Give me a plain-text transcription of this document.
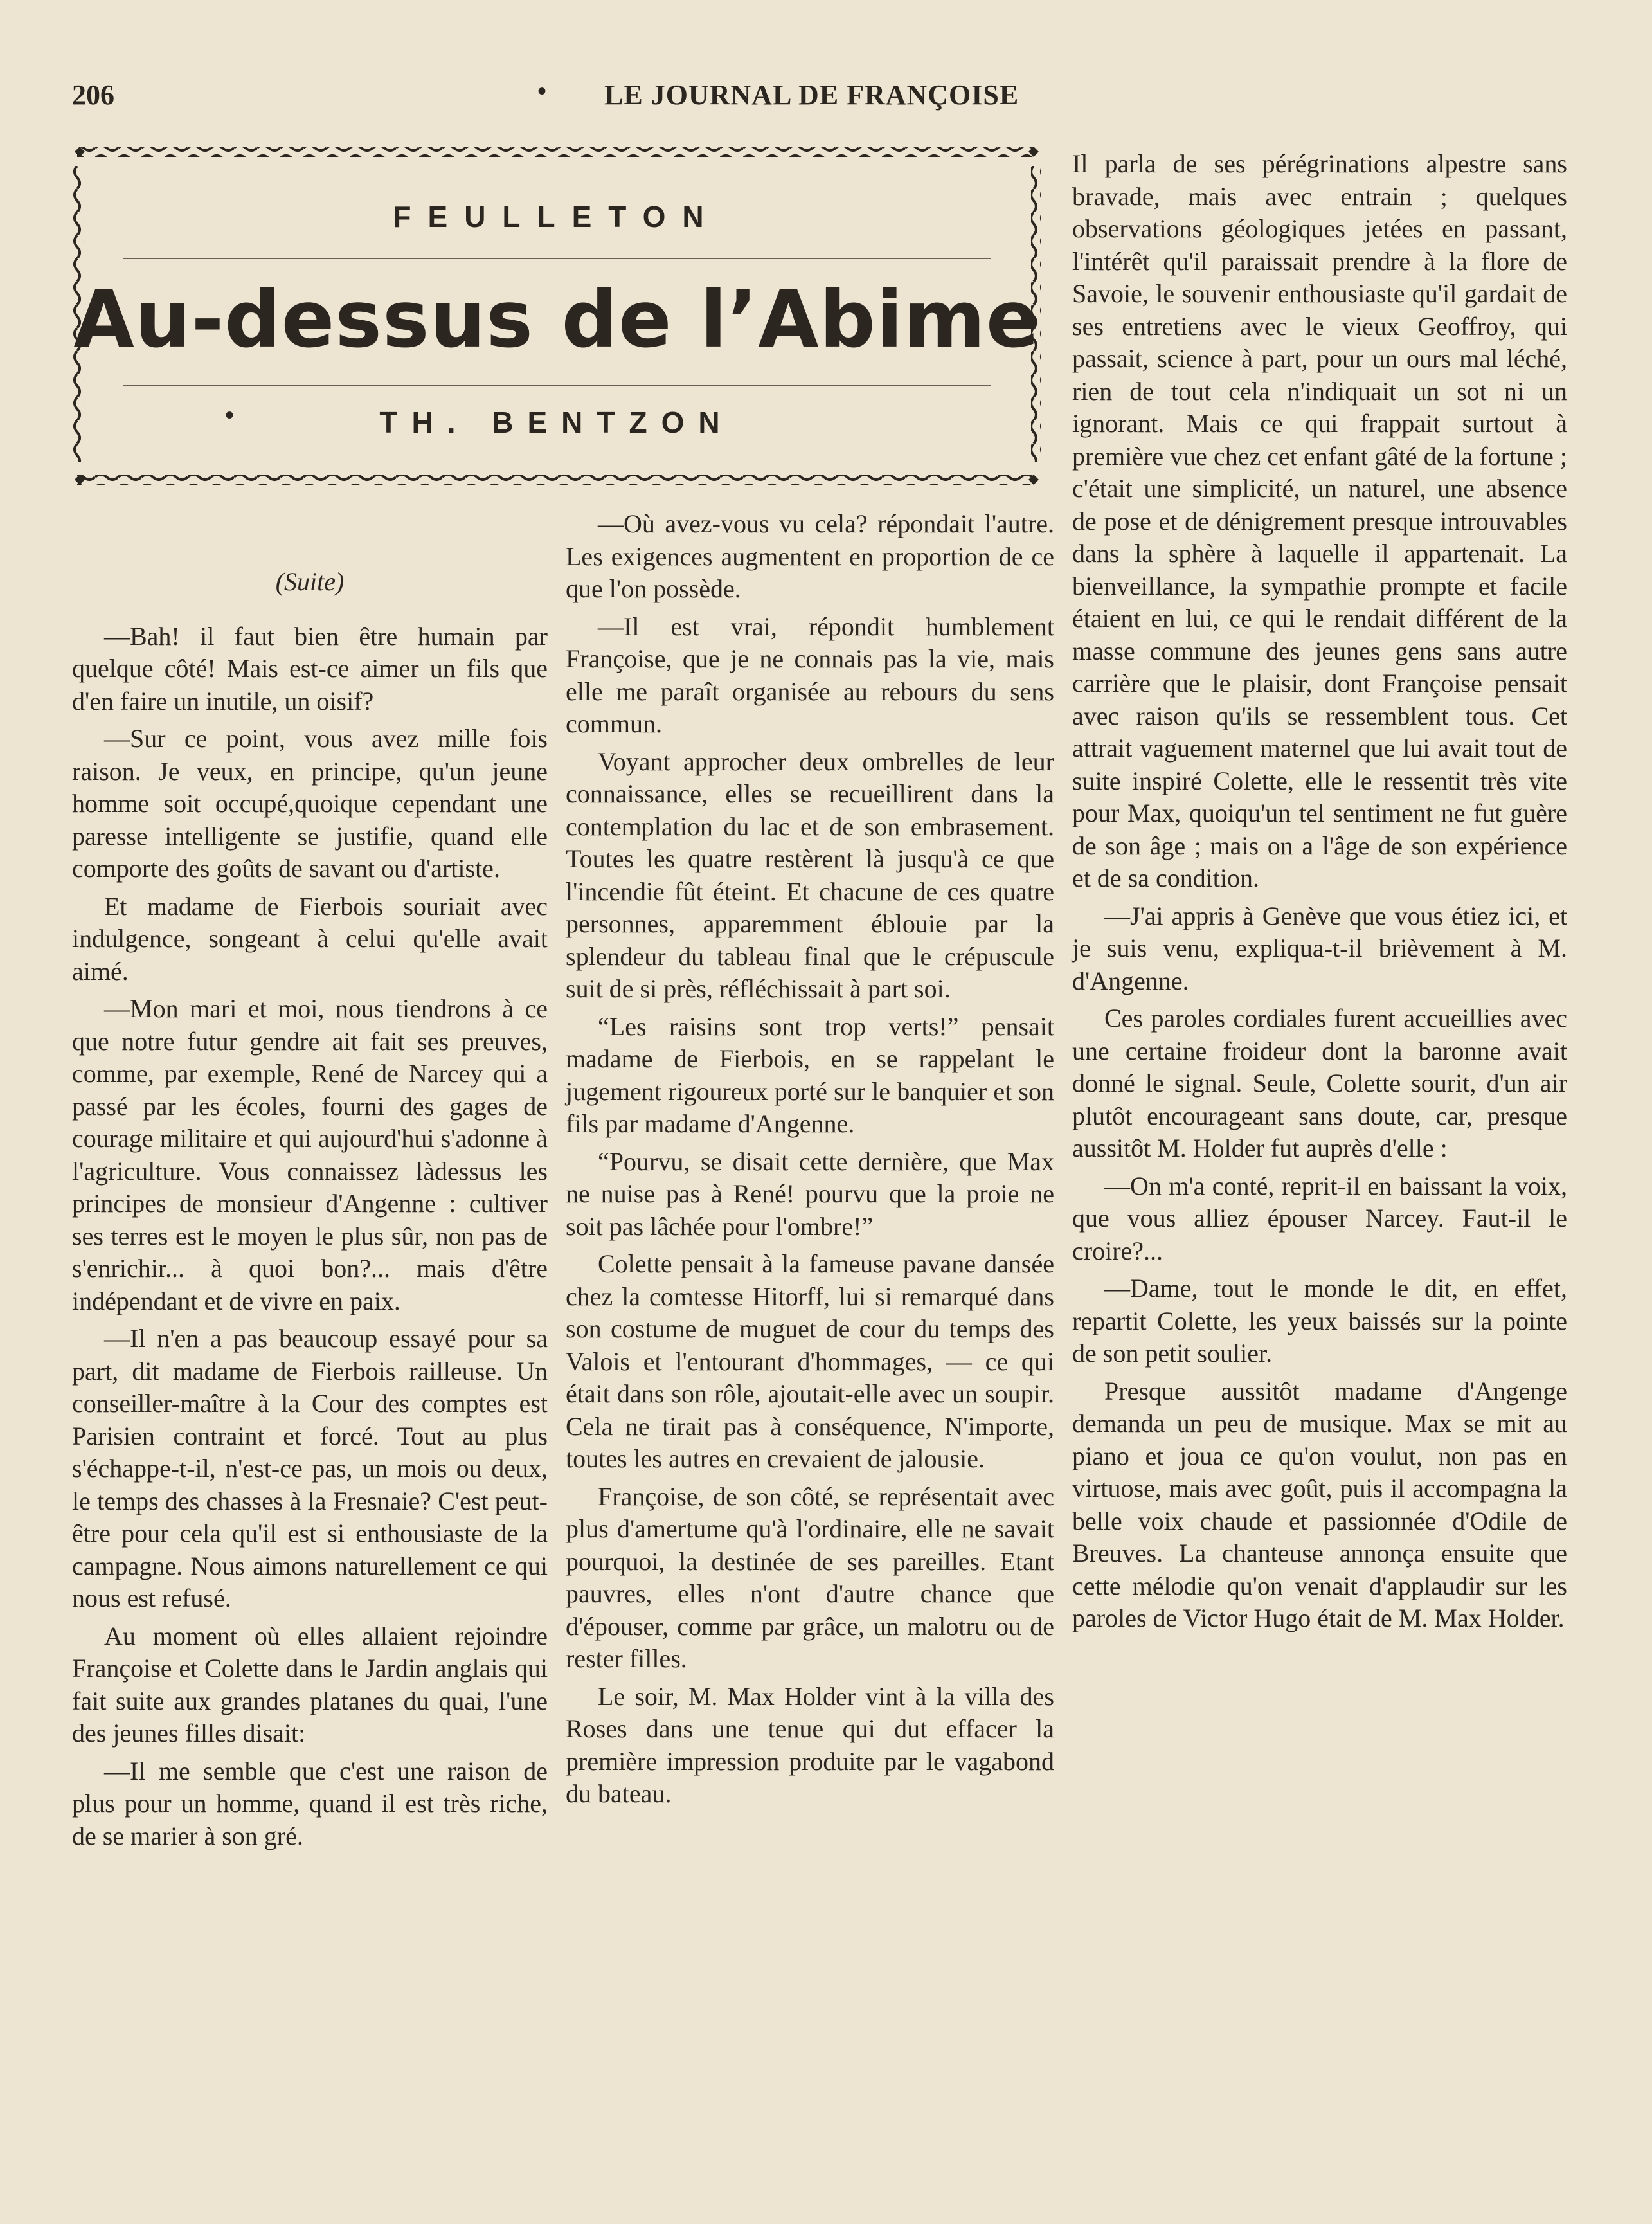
206	• LE JOURNAL DE FRANÇOISE
FEULLETON
Au-dessus de l’Abime
•	TH. BENTZON

(Suite)

—Bah! il faut bien être humain par quelque côté! Mais est-ce aimer un fils que d'en faire un inutile, un oisif?

—Sur ce point, vous avez mille fois raison. Je veux, en principe, qu'un jeune homme soit occupé,quoique cependant une paresse intelligente se justifie, quand elle comporte des goûts de savant ou d'artiste.

Et madame de Fierbois souriait avec indulgence, songeant à celui qu'elle avait aimé.

—Mon mari et moi, nous tiendrons à ce que notre futur gendre ait fait ses preuves, comme, par exemple, René de Narcey qui a passé par les écoles, fourni des gages de courage militaire et qui aujourd'hui s'adonne à l'agriculture. Vous connaissez làdessus les principes de monsieur d'Angenne : cultiver ses terres est le moyen le plus sûr, non pas de s'enrichir... à quoi bon?... mais d'être indépendant et de vivre en paix.

—Il n'en a pas beaucoup essayé pour sa part, dit madame de Fierbois railleuse. Un conseiller-maître à la Cour des comptes est Parisien contraint et forcé. Tout au plus s'échappe-t-il, n'est-ce pas, un mois ou deux, le temps des chasses à la Fresnaie? C'est peut-être pour cela qu'il est si enthousiaste de la campagne. Nous aimons naturellement ce qui nous est refusé.

Au moment où elles allaient rejoindre Françoise et Colette dans le Jardin anglais qui fait suite aux grandes platanes du quai, l'une des jeunes filles disait:

—Il me semble que c'est une raison de plus pour un homme, quand il est très riche, de se marier à son gré.

—Où avez-vous vu cela? répondait l'autre. Les exigences augmentent en proportion de ce que l'on possède.

—Il est vrai, répondit humblement Françoise, que je ne connais pas la vie, mais elle me paraît organisée au rebours du sens commun.

Voyant approcher deux ombrelles de leur connaissance, elles se recueillirent dans la contemplation du lac et de son embrasement. Toutes les quatre restèrent là jusqu'à ce que l'incendie fût éteint. Et chacune de ces quatre personnes, apparemment éblouie par la splendeur du tableau final que le crépuscule suit de si près, réfléchissait à part soi.

“Les raisins sont trop verts!” pensait madame de Fierbois, en se rappelant le jugement rigoureux porté sur le banquier et son fils par madame d'Angenne.

“Pourvu, se disait cette dernière, que Max ne nuise pas à René! pourvu que la proie ne soit pas lâchée pour l'ombre!”

Colette pensait à la fameuse pavane dansée chez la comtesse Hitorff, lui si remarqué dans son costume de muguet de cour du temps des Valois et l'entourant d'hommages, — ce qui était dans son rôle, ajoutait-elle avec un soupir. Cela ne tirait pas à conséquence, N'importe, toutes les autres en crevaient de jalousie.

Françoise, de son côté, se représentait avec plus d'amertume qu'à l'ordinaire, elle ne savait pourquoi, la destinée de ses pareilles. Etant pauvres, elles n'ont d'autre chance que d'épouser, comme par grâce, un malotru ou de rester filles.

Le soir, M. Max Holder vint à la villa des Roses dans une tenue qui dut effacer la première impression produite par le vagabond du bateau.

Il parla de ses pérégrinations alpestre sans bravade, mais avec entrain ; quelques observations géologiques jetées en passant, l'intérêt qu'il paraissait prendre à la flore de Savoie, le souvenir enthousiaste qu'il gardait de ses entretiens avec le vieux Geoffroy, qui passait, science à part, pour un ours mal léché, rien de tout cela n'indiquait un sot ni un ignorant. Mais ce qui frappait surtout à première vue chez cet enfant gâté de la fortune ; c'était une simplicité, un naturel, une absence de pose et de dénigrement presque introuvables dans la sphère à laquelle il appartenait. La bienveillance, la sympathie prompte et facile étaient en lui, ce qui le rendait différent de la masse commune des jeunes gens sans autre carrière que le plaisir, dont Françoise pensait avec raison qu'ils se ressemblent tous. Cet attrait vaguement maternel que lui avait tout de suite inspiré Colette, elle le ressentit très vite pour Max, quoiqu'un tel sentiment ne fut guère de son âge ; mais on a l'âge de son expérience et de sa condition.

—J'ai appris à Genève que vous étiez ici, et je suis venu, expliqua-t-il brièvement à M. d'Angenne.

Ces paroles cordiales furent accueillies avec une certaine froideur dont la baronne avait donné le signal. Seule, Colette sourit, d'un air plutôt encourageant sans doute, car, presque aussitôt M. Holder fut auprès d'elle :

—On m'a conté, reprit-il en baissant la voix, que vous alliez épouser Narcey. Faut-il le croire?...

—Dame, tout le monde le dit, en effet, repartit Colette, les yeux baissés sur la pointe de son petit soulier.

Presque aussitôt madame d'Angenge demanda un peu de musique. Max se mit au piano et joua ce qu'on voulut, non pas en virtuose, mais avec goût, puis il accompagna la belle voix chaude et passionnée d'Odile de Breuves. La chanteuse annonça ensuite que cette mélodie qu'on venait d'applaudir sur les paroles de Victor Hugo était de M. Max Holder.
